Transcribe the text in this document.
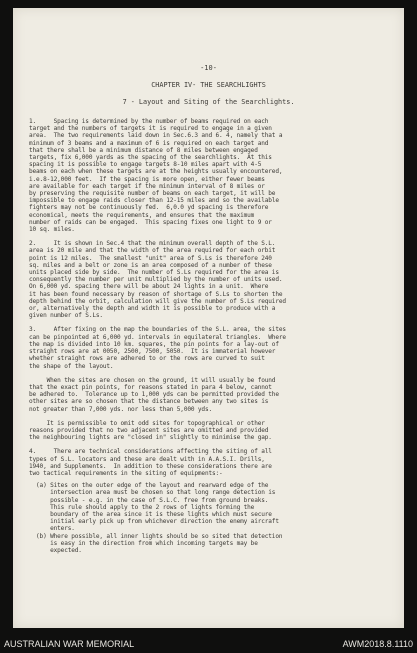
-10-
CHAPTER IV- THE SEARCHLIGHTS
7 - Layout and Siting of the Searchlights.
1.     Spacing is determined by the number of beams required on each
target and the numbers of targets it is required to engage in a given
area.  The two requirements laid down in Sec.6.3 and 6. 4, namely that a
minimum of 3 beams and a maximum of 6 is required on each target and
that there shall be a minimum distance of 8 miles between engaged
targets, fix 6,000 yards as the spacing of the searchlights.  At this
spacing it is possible to engage targets 8-10 miles apart with 4-5
beams on each when these targets are at the heights usually encountered,
i.e.8-12,000 feet.  If the spacing is more open, either fewer beams
are available for each target if the minimum interval of 8 miles or
by preserving the requisite number of beams on each target, it will be
impossible to engage raids closer than 12-15 miles and so the available
fighters may not be continuously fed.  6,0.0 yd spacing is therefore
economical, meets the requirements, and ensures that the maximum
number of raids can be engaged.  This spacing fixes one light to 9 or
10 sq. miles.
2.     It is shown in Sec.4 that the minimum overall depth of the S.L.
area is 20 mile and that the width of the area required for each orbit
point is 12 miles.  The smallest "unit" area of S.Ls is therefore 240
sq. miles and a belt or zone is an area composed of a number of these
units placed side by side.  The number of S.Ls required for the area is
consequently the number per unit multiplied by the number of units used.
On 6,000 yd. spacing there will be about 24 lights in a unit.  Where
it has been found necessary by reason of shortage of S.Ls to shorten the
depth behind the orbit, calculation will give the number of S.Ls required
or, alternatively the depth and width it is possible to produce with a
given number of S.Ls.
3.     After fixing on the map the boundaries of the S.L. area, the sites
can be pinpointed at 6,000 yd. intervals in equilateral triangles.  Where
the map is divided into 10 km. squares, the pin points for a lay-out of
straight rows are at 0050, 2500, 7500, 5050.  It is immaterial however
whether straight rows are adhered to or the rows are curved to suit
the shape of the layout.
When the sites are chosen on the ground, it will usually be found
that the exact pin points, for reasons stated in para 4 below, cannot
be adhered to.  Tolerance up to 1,000 yds can be permitted provided the
other sites are so chosen that the distance between any two sites is
not greater than 7,000 yds. nor less than 5,000 yds.
It is permissible to omit odd sites for topographical or other
reasons provided that no two adjacent sites are omitted and provided
the neighbouring lights are "closed in" slightly to minimise the gap.
4.     There are technical considerations affecting the siting of all
types of S.L. locators and these are dealt with in A.A.S.I. Drills,
1940, and Supplements.  In addition to these considerations there are
two tactical requirements in the siting of equipments:-
(a) Sites on the outer edge of the layout and rearward edge of the
intersection area must be chosen so that long range detection is
possible - e.g. in the case of S.L.C. free from ground breaks.
This rule should apply to the 2 rows of lights forming the
boundary of the area since it is these lights which must secure
initial early pick up from whichever direction the enemy aircraft
enters.
(b) Where possible, all inner lights should be so sited that detection
is easy in the direction from which incoming targets may be
expected.
AUSTRALIAN WAR MEMORIAL	AWM2018.8.1110
